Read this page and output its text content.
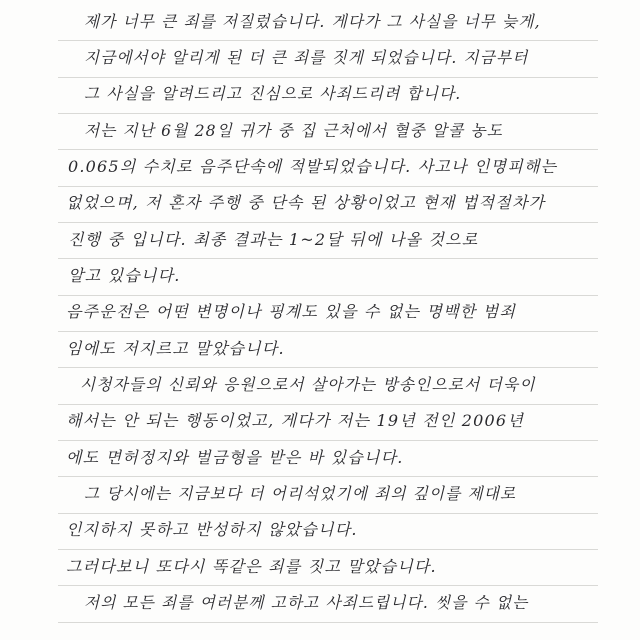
제가 너무 큰 죄를 저질렀습니다. 게다가 그 사실을 너무 늦게,
지금에서야 알리게 된 더 큰 죄를 짓게 되었습니다. 지금부터
그 사실을 알려드리고 진심으로 사죄드리려 합니다.
저는 지난 6월 28일 귀가 중 집 근처에서 혈중 알콜 농도
0.065의 수치로 음주단속에 적발되었습니다. 사고나 인명피해는
없었으며, 저 혼자 주행 중 단속 된 상황이었고 현재 법적절차가
진행 중 입니다. 최종 결과는 1~2달 뒤에 나올 것으로
알고 있습니다.
음주운전은 어떤 변명이나 핑계도 있을 수 없는 명백한 범죄
임에도 저지르고 말았습니다.
시청자들의 신뢰와 응원으로서 살아가는 방송인으로서 더욱이
해서는 안 되는 행동이었고, 게다가 저는 19년 전인 2006년
에도 면허정지와 벌금형을 받은 바 있습니다.
그 당시에는 지금보다 더 어리석었기에 죄의 깊이를 제대로
인지하지 못하고 반성하지 않았습니다.
그러다보니 또다시 똑같은 죄를 짓고 말았습니다.
저의 모든 죄를 여러분께 고하고 사죄드립니다. 씻을 수 없는
